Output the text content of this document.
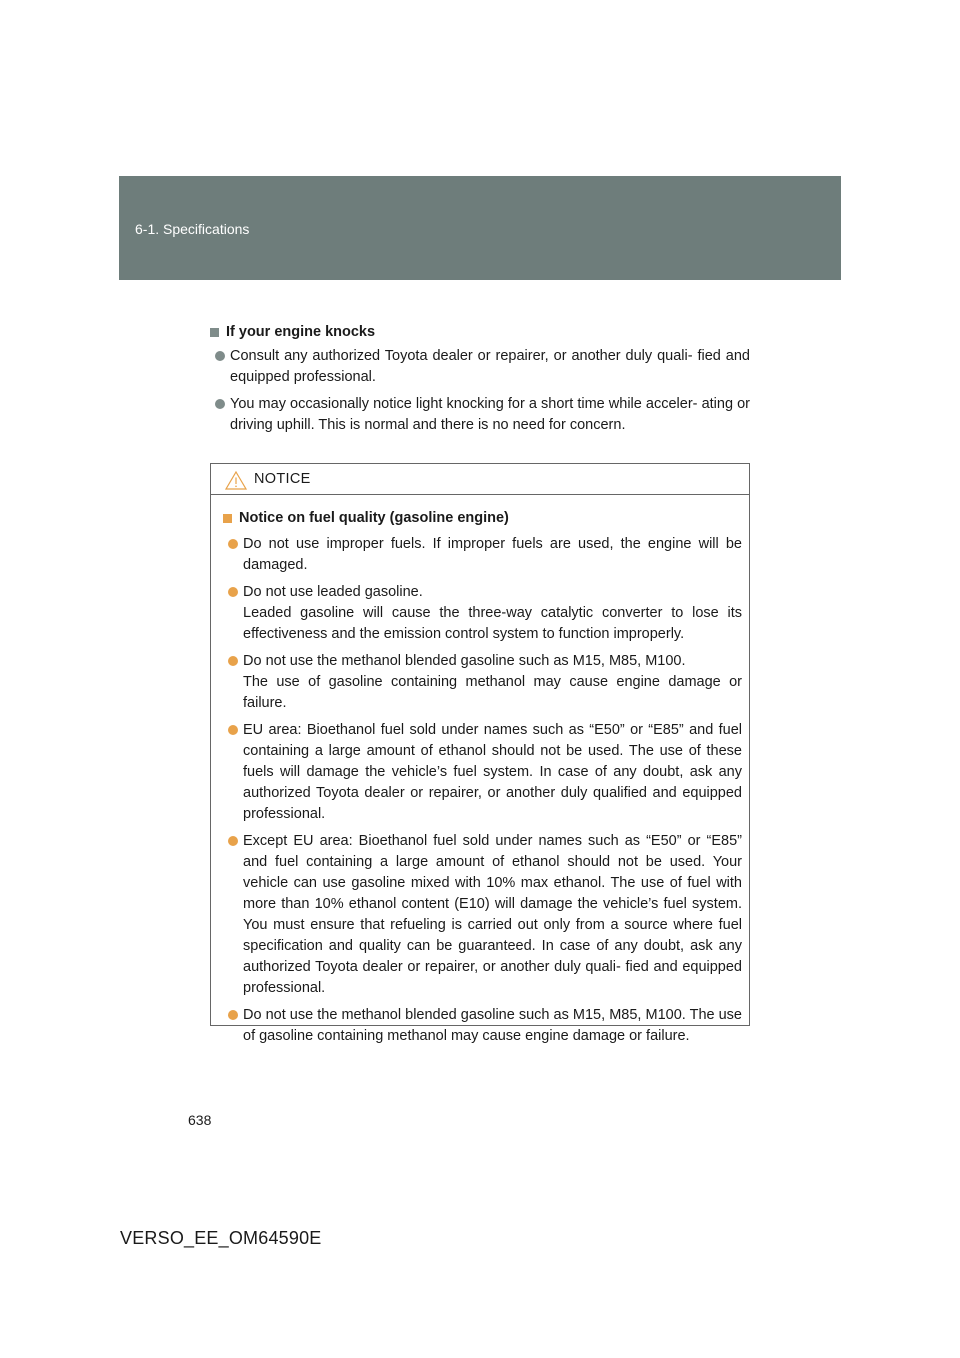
6-1. Specifications
If your engine knocks
Consult any authorized Toyota dealer or repairer, or another duly quali- fied and equipped professional.
You may occasionally notice light knocking for a short time while acceler- ating or driving uphill. This is normal and there is no need for concern.
NOTICE
Notice on fuel quality (gasoline engine)
Do not use improper fuels. If improper fuels are used, the engine will be damaged.
Do not use leaded gasoline.
Leaded gasoline will cause the three-way catalytic converter to lose its effectiveness and the emission control system to function improperly.
Do not use the methanol blended gasoline such as M15, M85, M100.
The use of gasoline containing methanol may cause engine damage or failure.
EU area: Bioethanol fuel sold under names such as “E50” or “E85” and fuel containing a large amount of ethanol should not be used. The use of these fuels will damage the vehicle’s fuel system. In case of any doubt, ask any authorized Toyota dealer or repairer, or another duly qualified and equipped professional.
Except EU area: Bioethanol fuel sold under names such as “E50” or “E85” and fuel containing a large amount of ethanol should not be used. Your vehicle can use gasoline mixed with 10% max ethanol. The use of fuel with more than 10% ethanol content (E10) will damage the vehicle’s fuel system. You must ensure that refueling is carried out only from a source where fuel specification and quality can be guaranteed. In case of any doubt, ask any authorized Toyota dealer or repairer, or another duly quali- fied and equipped professional.
Do not use the methanol blended gasoline such as M15, M85, M100. The use of gasoline containing methanol may cause engine damage or failure.
638
VERSO_EE_OM64590E
